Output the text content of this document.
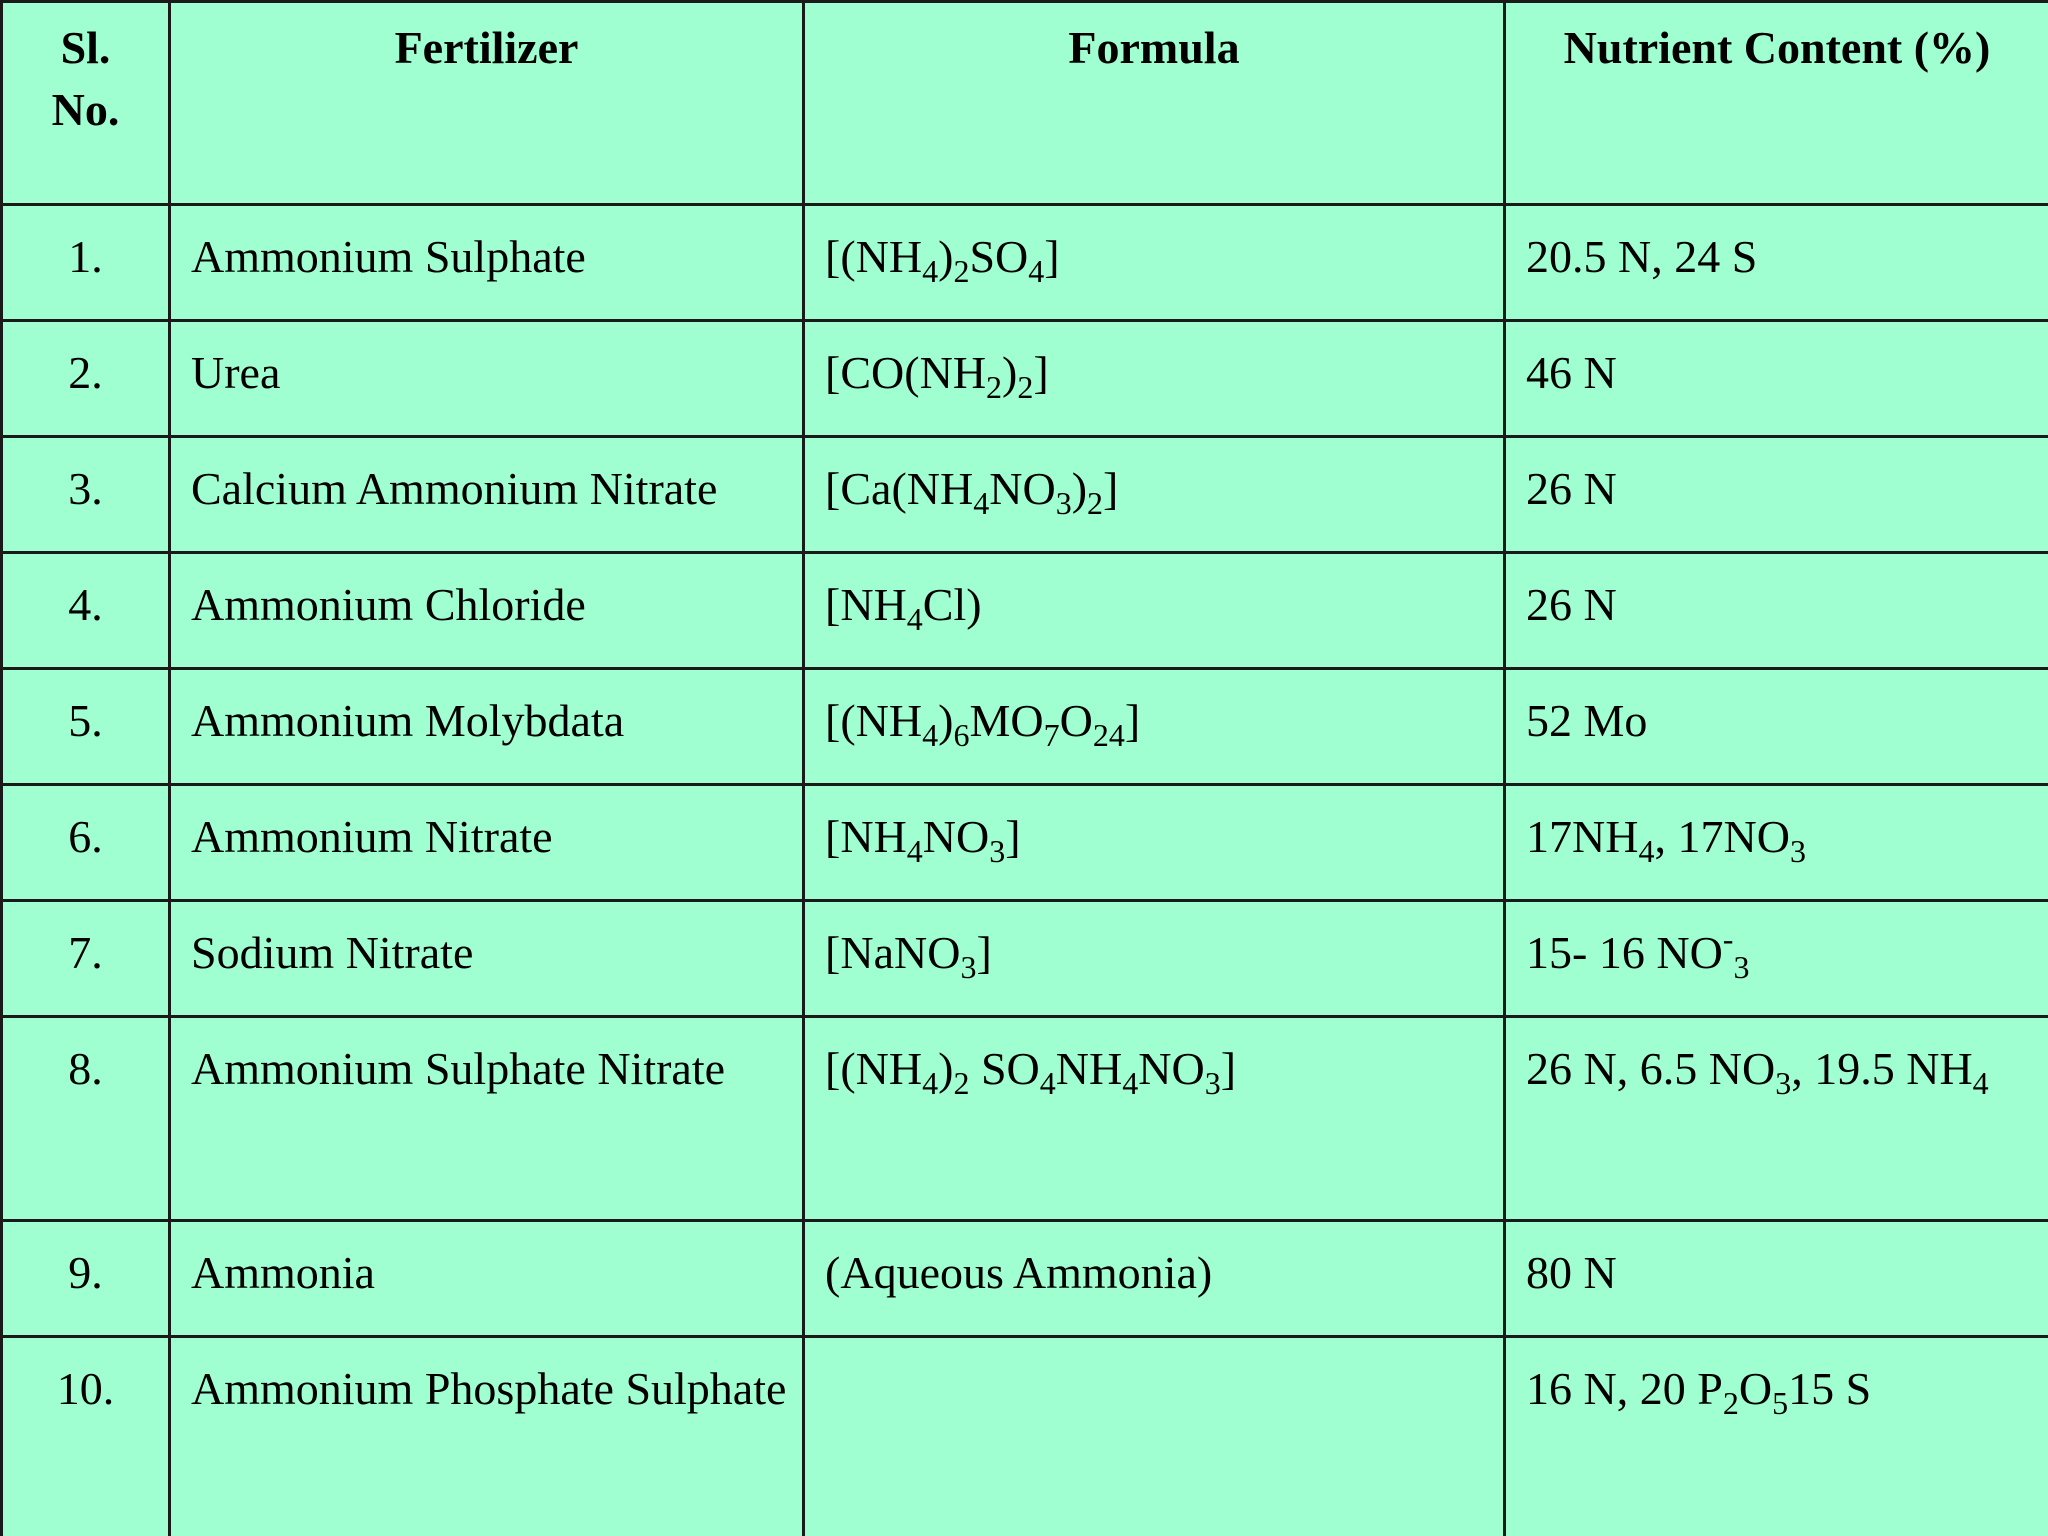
Sl.
No.	Fertilizer	Formula	Nutrient Content (%)
1.	Ammonium Sulphate	$[(NH_4)_2SO_4]$	20.5 N, 24 S
2.	Urea	$[CO(NH_2)_2]$	46 N
3.	Calcium Ammonium Nitrate	$[Ca(NH_4NO_3)_2]$	26 N
4.	Ammonium Chloride	$[NH_4Cl)$	26 N
5.	Ammonium Molybdata	$[(NH_4)_6MO_7O_{24}]$	52 Mo
6.	Ammonium Nitrate	$[NH_4NO_3]$	$17NH_4$, $17NO_3$
7.	Sodium Nitrate	[NaNO$_3$]	15- 16 $NO^-_3$
8.	Ammonium Sulphate Nitrate	[$(NH_4)_2$ $SO_4NH_4NO_3$]	26 N, 6.5 $NO_3$, 19.5 $NH_4$
9.	Ammonia	(Aqueous Ammonia)	80 N
10.	Ammonium Phosphate Sulphate		16 N, 20 $P_2O_515$ S
